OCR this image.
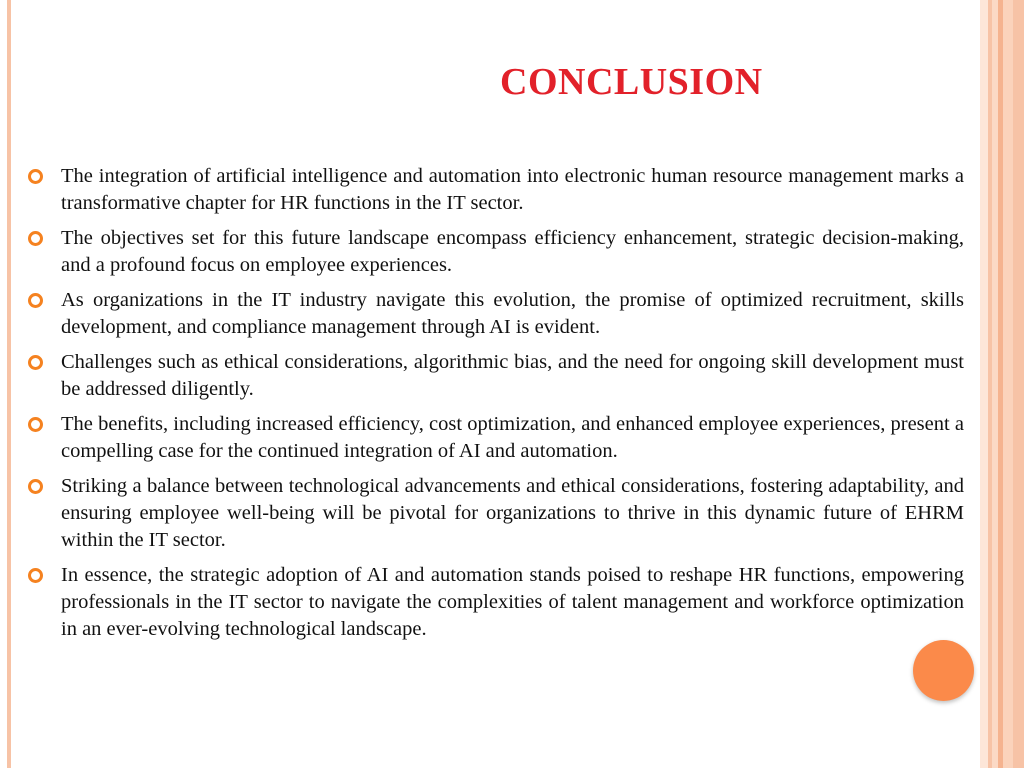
CONCLUSION
The integration of artificial intelligence and automation into electronic human resource management marks a transformative chapter for HR functions in the IT sector.
The objectives set for this future landscape encompass efficiency enhancement, strategic decision-making, and a profound focus on employee experiences.
As organizations in the IT industry navigate this evolution, the promise of optimized recruitment, skills development, and compliance management through AI is evident.
Challenges such as ethical considerations, algorithmic bias, and the need for ongoing skill development must be addressed diligently.
The benefits, including increased efficiency, cost optimization, and enhanced employee experiences, present a compelling case for the continued integration of AI and automation.
Striking a balance between technological advancements and ethical considerations, fostering adaptability, and ensuring employee well-being will be pivotal for organizations to thrive in this dynamic future of EHRM within the IT sector.
In essence, the strategic adoption of AI and automation stands poised to reshape HR functions, empowering professionals in the IT sector to navigate the complexities of talent management and workforce optimization in an ever-evolving technological landscape.
